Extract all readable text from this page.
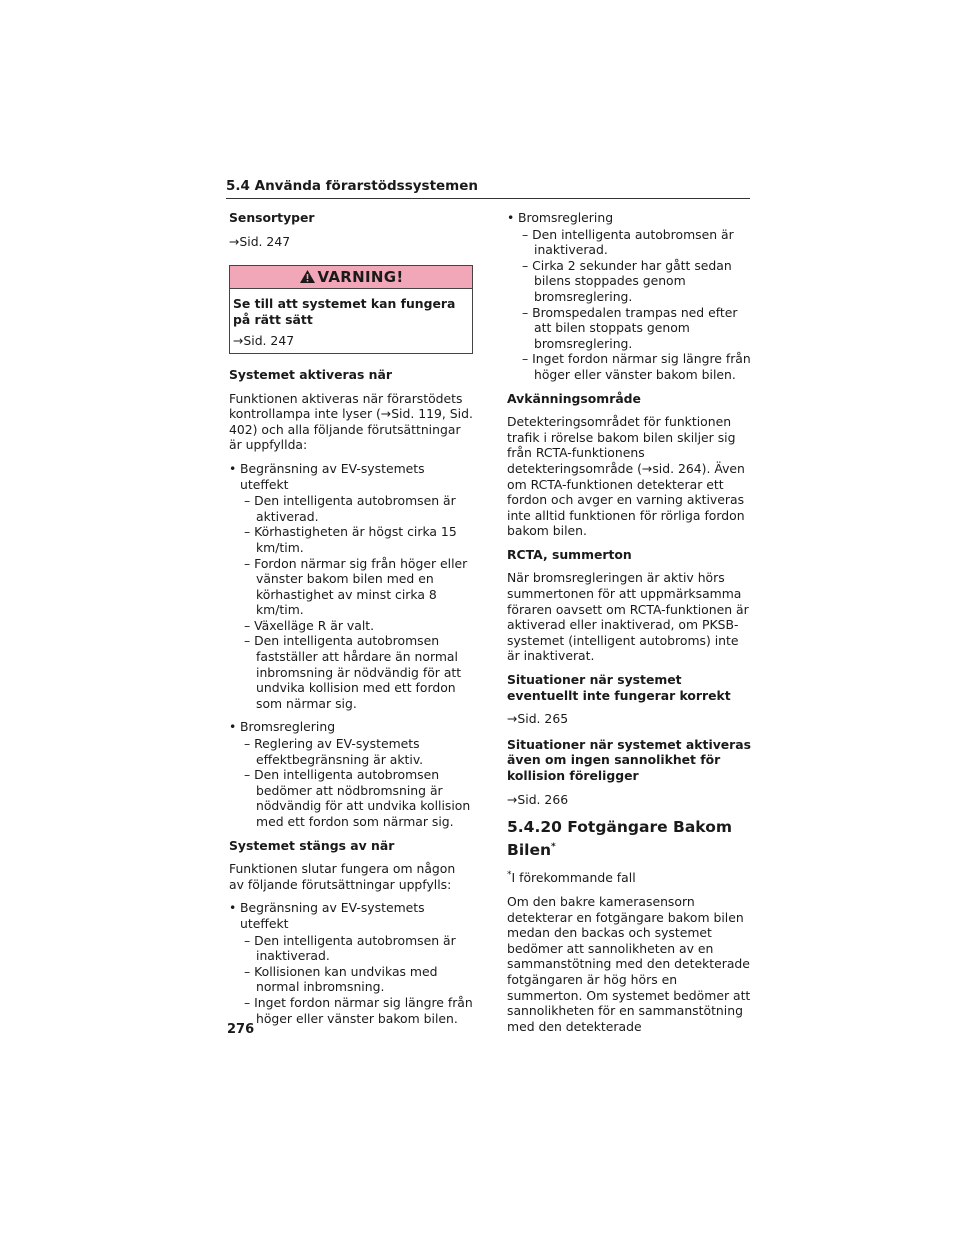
5.4 Använda förarstödssystemen

Sensortyper

→Sid. 247

VARNING!

Se till att systemet kan fungera på rätt sätt

→Sid. 247

Systemet aktiveras när

Funktionen aktiveras när förarstödets kontrollampa inte lyser (→Sid. 119, Sid. 402) och alla följande förutsättningar är uppfyllda:

• Begränsning av EV-systemets uteffekt
– Den intelligenta autobromsen är aktiverad.
– Körhastigheten är högst cirka 15 km/tim.
– Fordon närmar sig från höger eller vänster bakom bilen med en körhastighet av minst cirka 8 km/tim.
– Växelläge R är valt.
– Den intelligenta autobromsen fastställer att hårdare än normal inbromsning är nödvändig för att undvika kollision med ett fordon som närmar sig.
• Bromsreglering
– Reglering av EV-systemets effektbegränsning är aktiv.
– Den intelligenta autobromsen bedömer att nödbromsning är nödvändig för att undvika kollision med ett fordon som närmar sig.

Systemet stängs av när

Funktionen slutar fungera om någon av följande förutsättningar uppfylls:

• Begränsning av EV-systemets uteffekt
– Den intelligenta autobromsen är inaktiverad.
– Kollisionen kan undvikas med normal inbromsning.
– Inget fordon närmar sig längre från höger eller vänster bakom bilen.
• Bromsreglering
– Den intelligenta autobromsen är inaktiverad.
– Cirka 2 sekunder har gått sedan bilens stoppades genom bromsreglering.
– Bromspedalen trampas ned efter att bilen stoppats genom bromsreglering.
– Inget fordon närmar sig längre från höger eller vänster bakom bilen.

Avkänningsområde

Detekteringsområdet för funktionen trafik i rörelse bakom bilen skiljer sig från RCTA-funktionens detekteringsområde (→sid. 264). Även om RCTA-funktionen detekterar ett fordon och avger en varning aktiveras inte alltid funktionen för rörliga fordon bakom bilen.

RCTA, summerton

När bromsregleringen är aktiv hörs summertonen för att uppmärksamma föraren oavsett om RCTA-funktionen är aktiverad eller inaktiverad, om PKSB-systemet (intelligent autobroms) inte är inaktiverat.

Situationer när systemet eventuellt inte fungerar korrekt

→Sid. 265

Situationer när systemet aktiveras även om ingen sannolikhet för kollision föreligger

→Sid. 266

5.4.20 Fotgängare Bakom Bilen*

*I förekommande fall

Om den bakre kamerasensorn detekterar en fotgängare bakom bilen medan den backas och systemet bedömer att sannolikheten av en sammanstötning med den detekterade fotgängaren är hög hörs en summerton. Om systemet bedömer att sannolikheten för en sammanstötning med den detekterade

276
